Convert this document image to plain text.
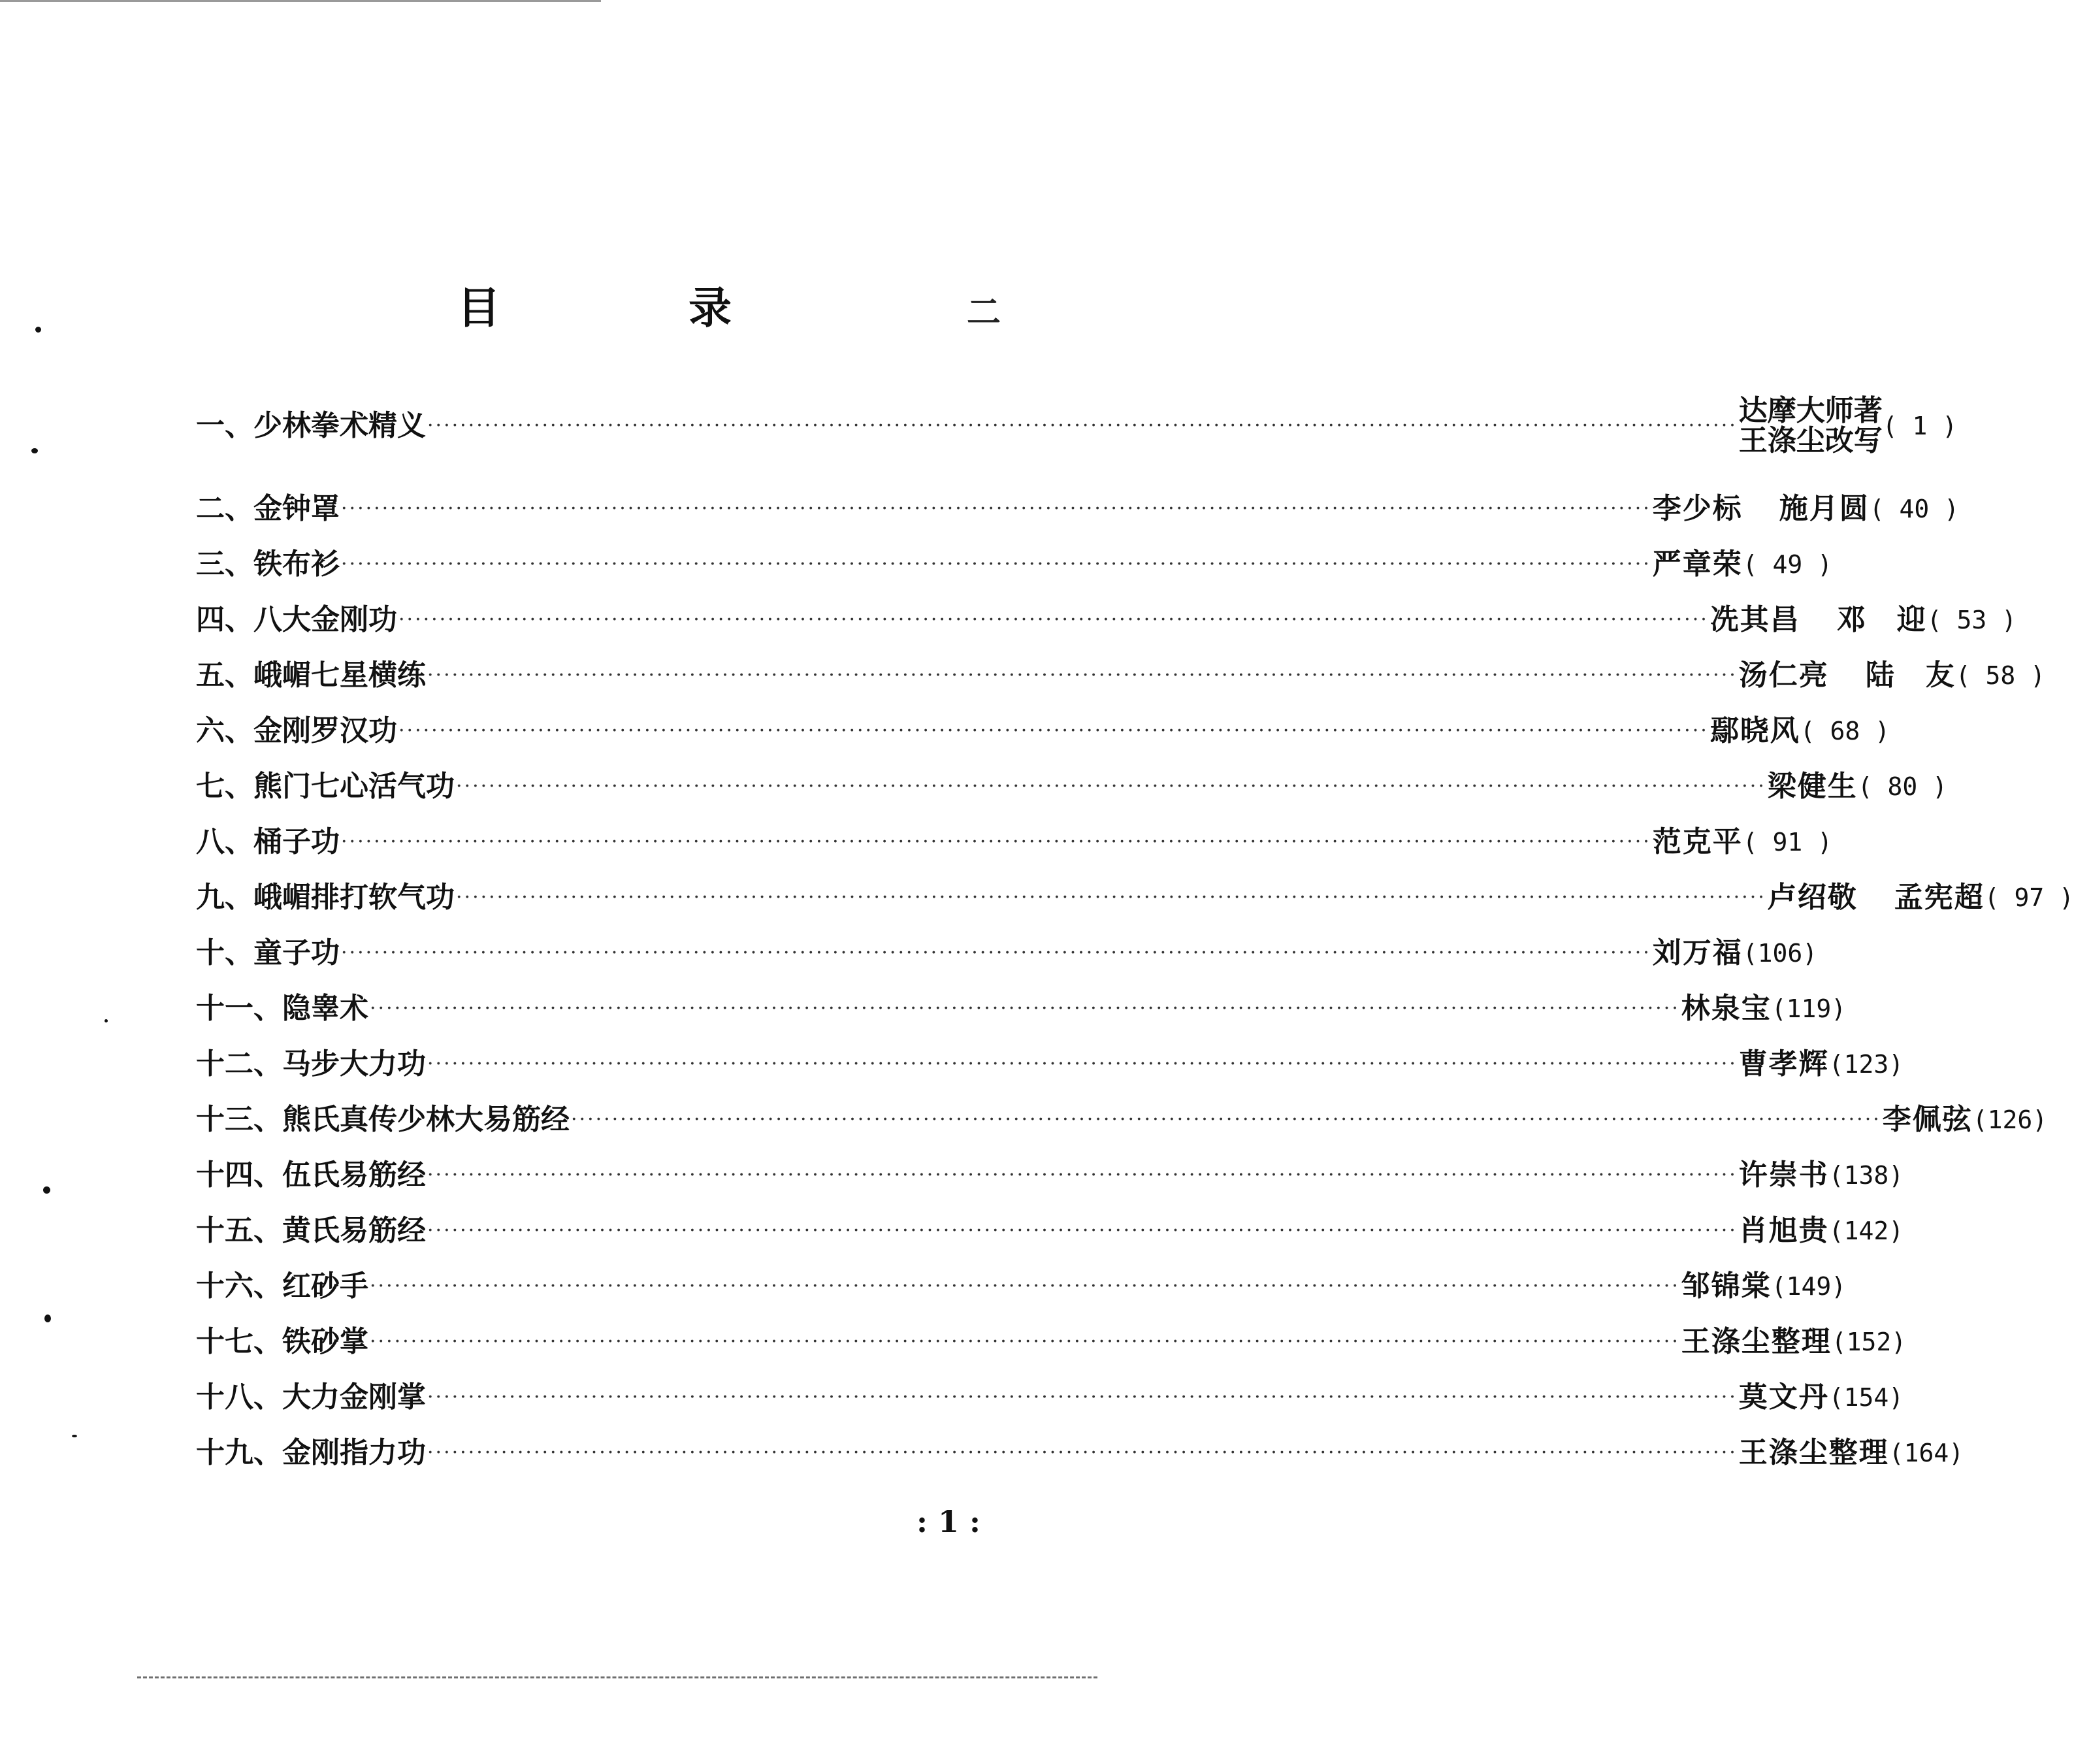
目	录	二
一、 少林拳术精义 ································································································································································ 达摩大师著
王涤尘改写 ( 1 )
二、 金钟罩 ································································································································································ 李少标 施月圆 ( 40 )
三、 铁布衫 ································································································································································ 严章荣 ( 49 )
四、 八大金刚功 ································································································································································ 冼其昌 邓　迎 ( 53 )
五、 峨嵋七星横练 ································································································································································ 汤仁亮 陆　友 ( 58 )
六、 金刚罗汉功 ································································································································································ 鄢晓风 ( 68 )
七、 熊门七心活气功 ································································································································································ 梁健生 ( 80 )
八、 桶子功 ································································································································································ 范克平 ( 91 )
九、 峨嵋排打软气功 ································································································································································ 卢绍敬 孟宪超 ( 97 )
十、 童子功 ································································································································································ 刘万福 (106)
十一、 隐睾术 ································································································································································ 林泉宝 (119)
十二、 马步大力功 ································································································································································ 曹孝辉 (123)
十三、 熊氏真传少林大易筋经 ································································································································································ 李佩弦 (126)
十四、 伍氏易筋经 ································································································································································ 许崇书 (138)
十五、 黄氏易筋经 ································································································································································ 肖旭贵 (142)
十六、 红砂手 ································································································································································ 邹锦棠 (149)
十七、 铁砂掌 ································································································································································ 王涤尘整理 (152)
十八、 大力金刚掌 ································································································································································ 莫文丹 (154)
十九、 金刚指力功 ································································································································································ 王涤尘整理 (164)
:1:
